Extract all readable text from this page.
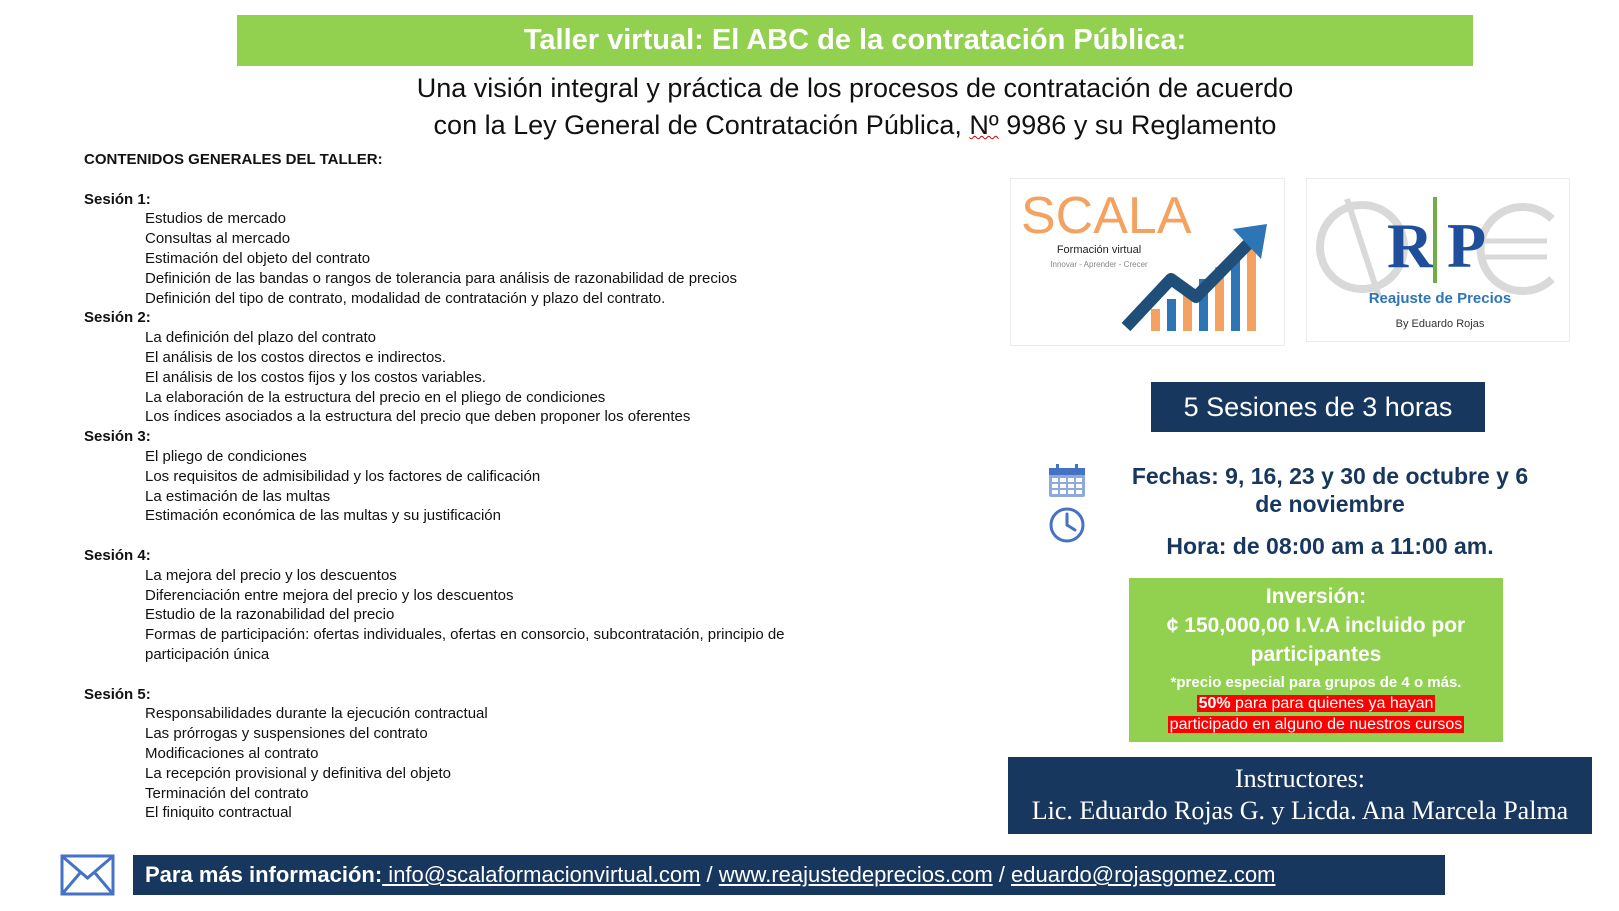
Taller virtual: El ABC de la contratación Pública:
Una visión integral y práctica de los procesos de contratación de acuerdo
con la Ley General de Contratación Pública, Nº 9986 y su Reglamento
CONTENIDOS GENERALES DEL TALLER:
Sesión 1:
Estudios de mercado
Consultas al mercado
Estimación del objeto del contrato
Definición de las bandas o rangos de tolerancia para análisis de razonabilidad de precios
Definición del tipo de contrato, modalidad de contratación y plazo del contrato.
Sesión 2:
La definición del plazo del contrato
El análisis de los costos directos e indirectos.
El análisis de los costos fijos y los costos variables.
La elaboración de la estructura del precio en el pliego de condiciones
Los índices asociados a la estructura del precio que deben proponer los oferentes
Sesión 3:
El pliego de condiciones
Los requisitos de admisibilidad y los factores de calificación
La estimación de las multas
Estimación económica de las multas y su justificación
Sesión 4:
La mejora del precio y los descuentos
Diferenciación entre mejora del precio y los descuentos
Estudio de la razonabilidad del precio
Formas de participación: ofertas individuales, ofertas en consorcio, subcontratación, principio de
participación única
Sesión 5:
Responsabilidades durante la ejecución contractual
Las prórrogas y suspensiones del contrato
Modificaciones al contrato
La recepción provisional y definitiva del objeto
Terminación del contrato
El finiquito contractual
SCALA
Formación virtual
Innovar - Aprender - Crecer	R P
Reajuste de Precios
By Eduardo Rojas
5 Sesiones de 3 horas
Fechas: 9, 16, 23 y 30 de octubre y 6
de noviembre
Hora: de 08:00 am a 11:00 am.
Inversión:
¢ 150,000,00 I.V.A incluido por
participantes
*precio especial para grupos de 4 o más.
50% para para quienes ya hayan
participado en alguno de nuestros cursos
Instructores:
Lic. Eduardo Rojas G. y Licda. Ana Marcela Palma
Para más información: info@scalaformacionvirtual.com / www.reajustedeprecios.com / eduardo@rojasgomez.com
